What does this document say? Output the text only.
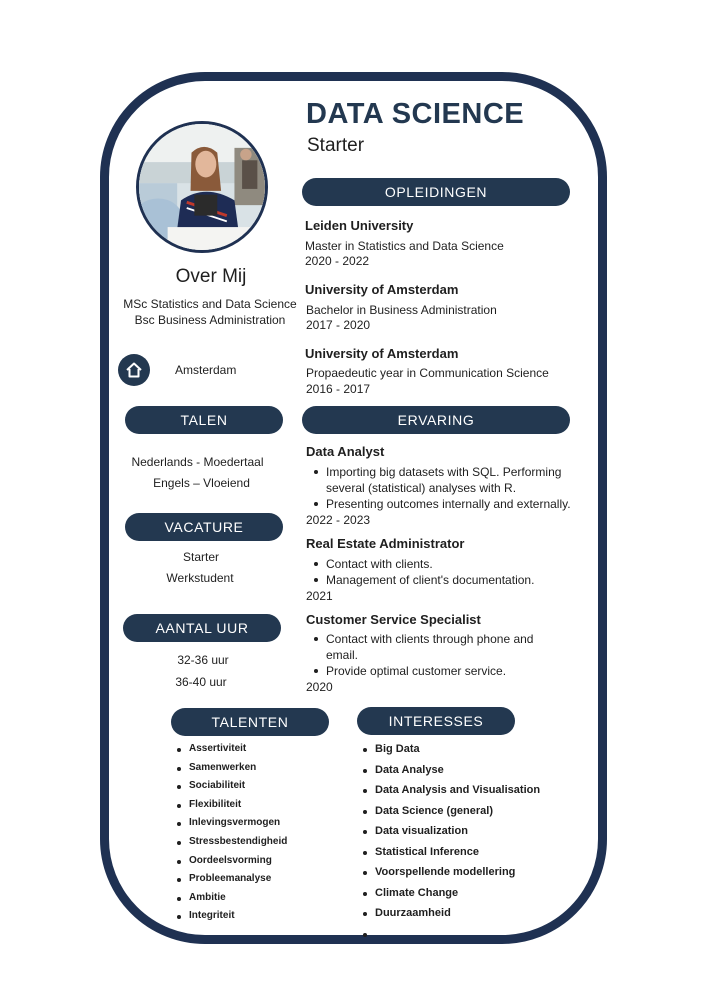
DATA SCIENCE
Starter
Over Mij
MSc Statistics and Data Science
Bsc Business Administration
Amsterdam
OPLEIDINGEN
Leiden University
Master in Statistics and Data Science
2020 - 2022
University of Amsterdam
Bachelor in Business Administration
2017 - 2020
University of Amsterdam
Propaedeutic year in Communication Science
2016 - 2017
TALEN
Nederlands - Moedertaal
Engels – Vloeiend
ERVARING
Data Analyst
Importing big datasets with SQL. Performing
several (statistical) analyses with R.
Presenting outcomes internally and externally.
2022 - 2023
Real Estate Administrator
Contact with clients.
Management of client's documentation.
2021
Customer Service Specialist
Contact with clients through phone and
email.
Provide optimal customer service.
2020
VACATURE
Starter
Werkstudent
AANTAL UUR
32-36 uur
36-40 uur
TALENTEN
Assertiviteit
Samenwerken
Sociabiliteit
Flexibiliteit
Inlevingsvermogen
Stressbestendigheid
Oordeelsvorming
Probleemanalyse
Ambitie
Integriteit
INTERESSES
Big Data
Data Analyse
Data Analysis and Visualisation
Data Science (general)
Data visualization
Statistical Inference
Voorspellende modellering
Climate Change
Duurzaamheid
